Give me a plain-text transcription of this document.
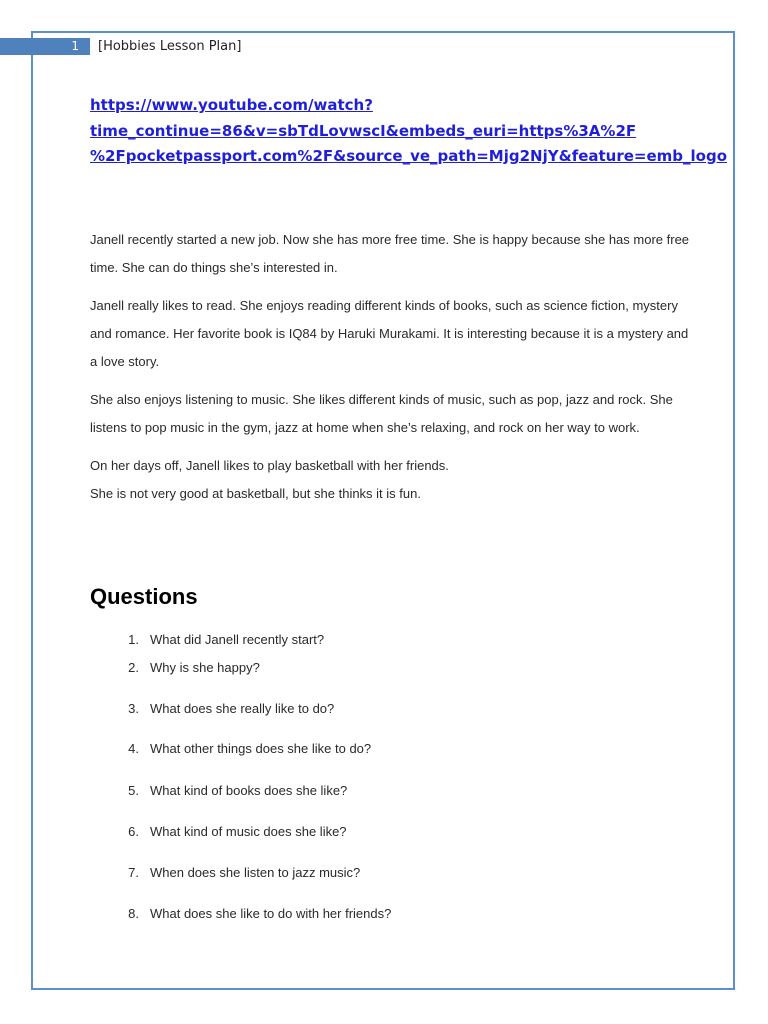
1	[Hobbies Lesson Plan]
https://www.youtube.com/watch?
time_continue=86&v=sbTdLovwscI&embeds_euri=https%3A%2F
%2Fpocketpassport.com%2F&source_ve_path=Mjg2NjY&feature=emb_logo

Janell recently started a new job. Now she has more free time. She is happy because she has more free time. She can do things she’s interested in.

Janell really likes to read. She enjoys reading different kinds of books, such as science fiction, mystery and romance. Her favorite book is IQ84 by Haruki Murakami. It is interesting because it is a mystery and a love story.

She also enjoys listening to music. She likes different kinds of music, such as pop, jazz and rock. She listens to pop music in the gym, jazz at home when she’s relaxing, and rock on her way to work.

On her days off, Janell likes to play basketball with her friends.

She is not very good at basketball, but she thinks it is fun.

Questions
1. What did Janell recently start?
2. Why is she happy?
3. What does she really like to do?
4. What other things does she like to do?
5. What kind of books does she like?
6. What kind of music does she like?
7. When does she listen to jazz music?
8. What does she like to do with her friends?
